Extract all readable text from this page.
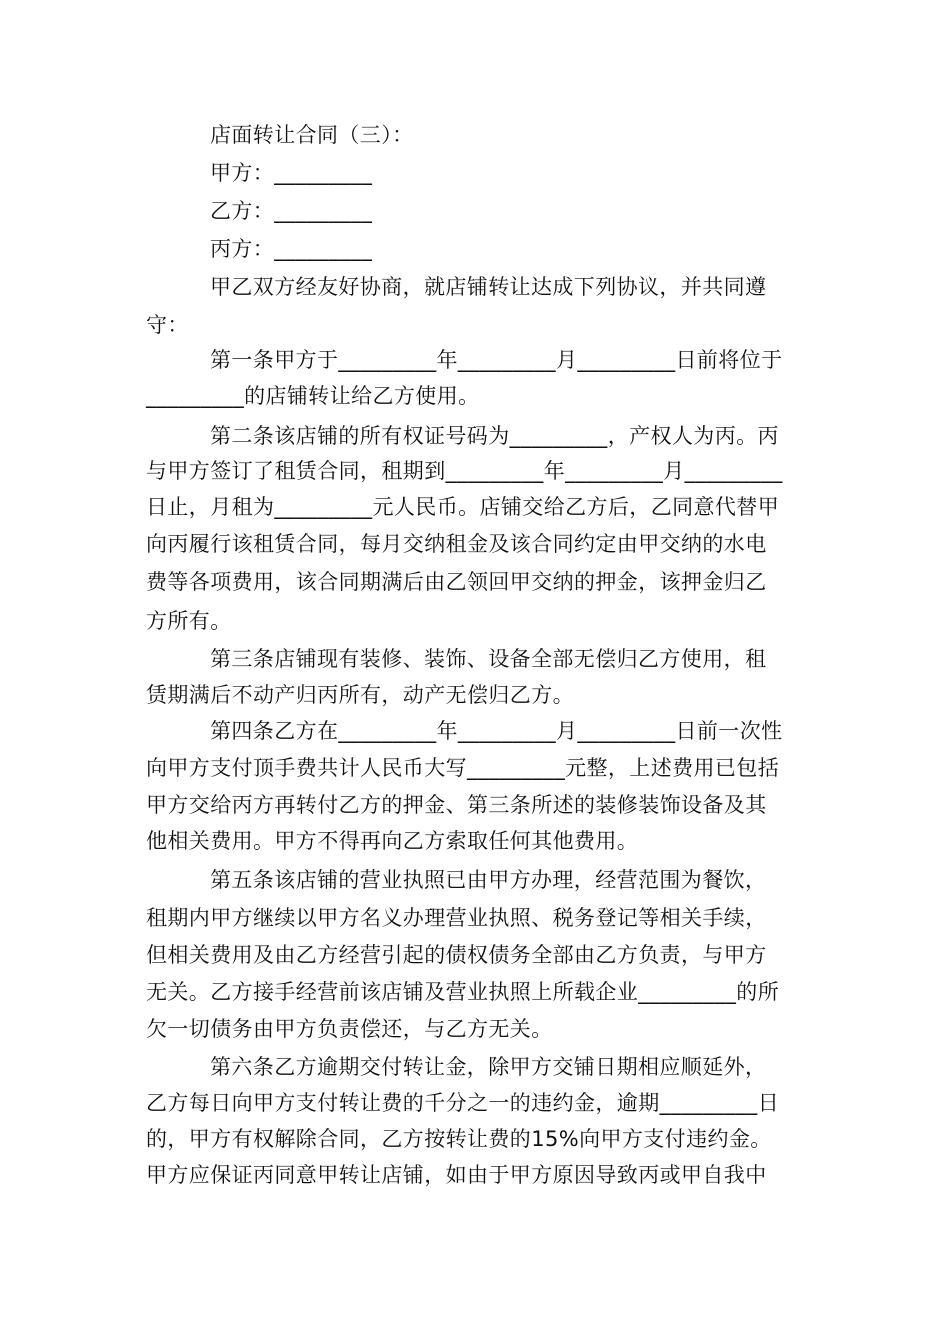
店面转让合同（三）：
甲方：_________
乙方：_________
丙方：_________
甲乙双方经友好协商，就店铺转让达成下列协议，并共同遵
守：
第一条甲方于_________年_________月_________日前将位于
_________的店铺转让给乙方使用。
第二条该店铺的所有权证号码为_________，产权人为丙。丙
与甲方签订了租赁合同，租期到_________年_________月_________
日止，月租为_________元人民币。店铺交给乙方后，乙同意代替甲
向丙履行该租赁合同，每月交纳租金及该合同约定由甲交纳的水电
费等各项费用，该合同期满后由乙领回甲交纳的押金，该押金归乙
方所有。
第三条店铺现有装修、装饰、设备全部无偿归乙方使用，租
赁期满后不动产归丙所有，动产无偿归乙方。
第四条乙方在_________年_________月_________日前一次性
向甲方支付顶手费共计人民币大写_________元整，上述费用已包括
甲方交给丙方再转付乙方的押金、第三条所述的装修装饰设备及其
他相关费用。甲方不得再向乙方索取任何其他费用。
第五条该店铺的营业执照已由甲方办理，经营范围为餐饮，
租期内甲方继续以甲方名义办理营业执照、税务登记等相关手续，
但相关费用及由乙方经营引起的债权债务全部由乙方负责，与甲方
无关。乙方接手经营前该店铺及营业执照上所载企业_________的所
欠一切债务由甲方负责偿还，与乙方无关。
第六条乙方逾期交付转让金，除甲方交铺日期相应顺延外，
乙方每日向甲方支付转让费的千分之一的违约金，逾期_________日
的，甲方有权解除合同，乙方按转让费的15%向甲方支付违约金。
甲方应保证丙同意甲转让店铺，如由于甲方原因导致丙或甲自我中
